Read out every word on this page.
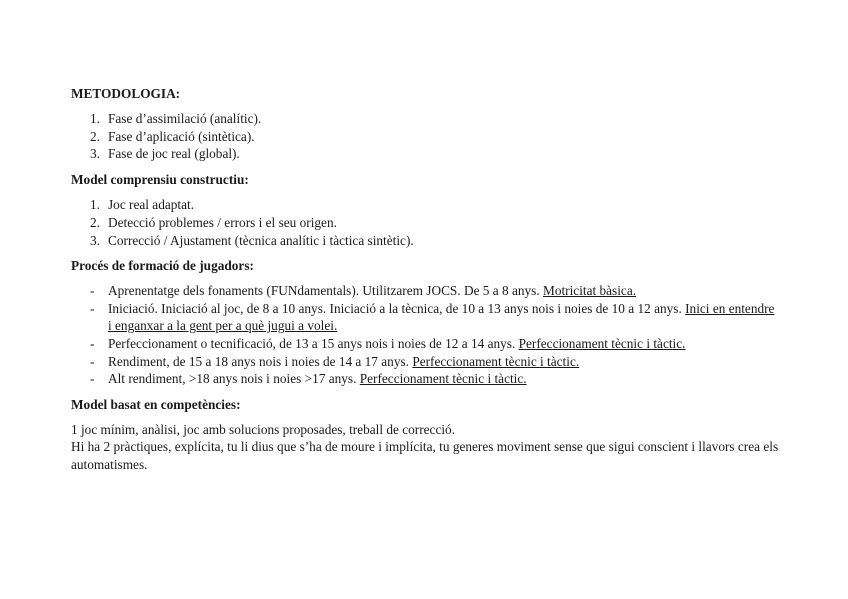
METODOLOGIA:

1. Fase d’assimilació (analític).
2. Fase d’aplicació (sintètica).
3. Fase de joc real (global).

Model comprensiu constructiu:

1. Joc real adaptat.
2. Detecció problemes / errors i el seu origen.
3. Correcció / Ajustament (tècnica analític i tàctica sintètic).

Procés de formació de jugadors:

- Aprenentatge dels fonaments (FUNdamentals). Utilitzarem JOCS. De 5 a 8 anys. Motricitat bàsica.
- Iniciació. Iniciació al joc, de 8 a 10 anys. Iniciació a la tècnica, de 10 a 13 anys nois i noies de 10 a 12 anys. Inici en entendre i enganxar a la gent per a què jugui a volei.
- Perfeccionament o tecnificació, de 13 a 15 anys nois i noies de 12 a 14 anys. Perfeccionament tècnic i tàctic.
- Rendiment, de 15 a 18 anys nois i noies de 14 a 17 anys. Perfeccionament tècnic i tàctic.
- Alt rendiment, >18 anys nois i noies >17 anys. Perfeccionament tècnic i tàctic.

Model basat en competències:

1 joc mínim, anàlisi, joc amb solucions proposades, treball de correcció.

Hi ha 2 pràctiques, explícita, tu li dius que s’ha de moure i implícita, tu generes moviment sense que sigui conscient i llavors crea els automatismes.
